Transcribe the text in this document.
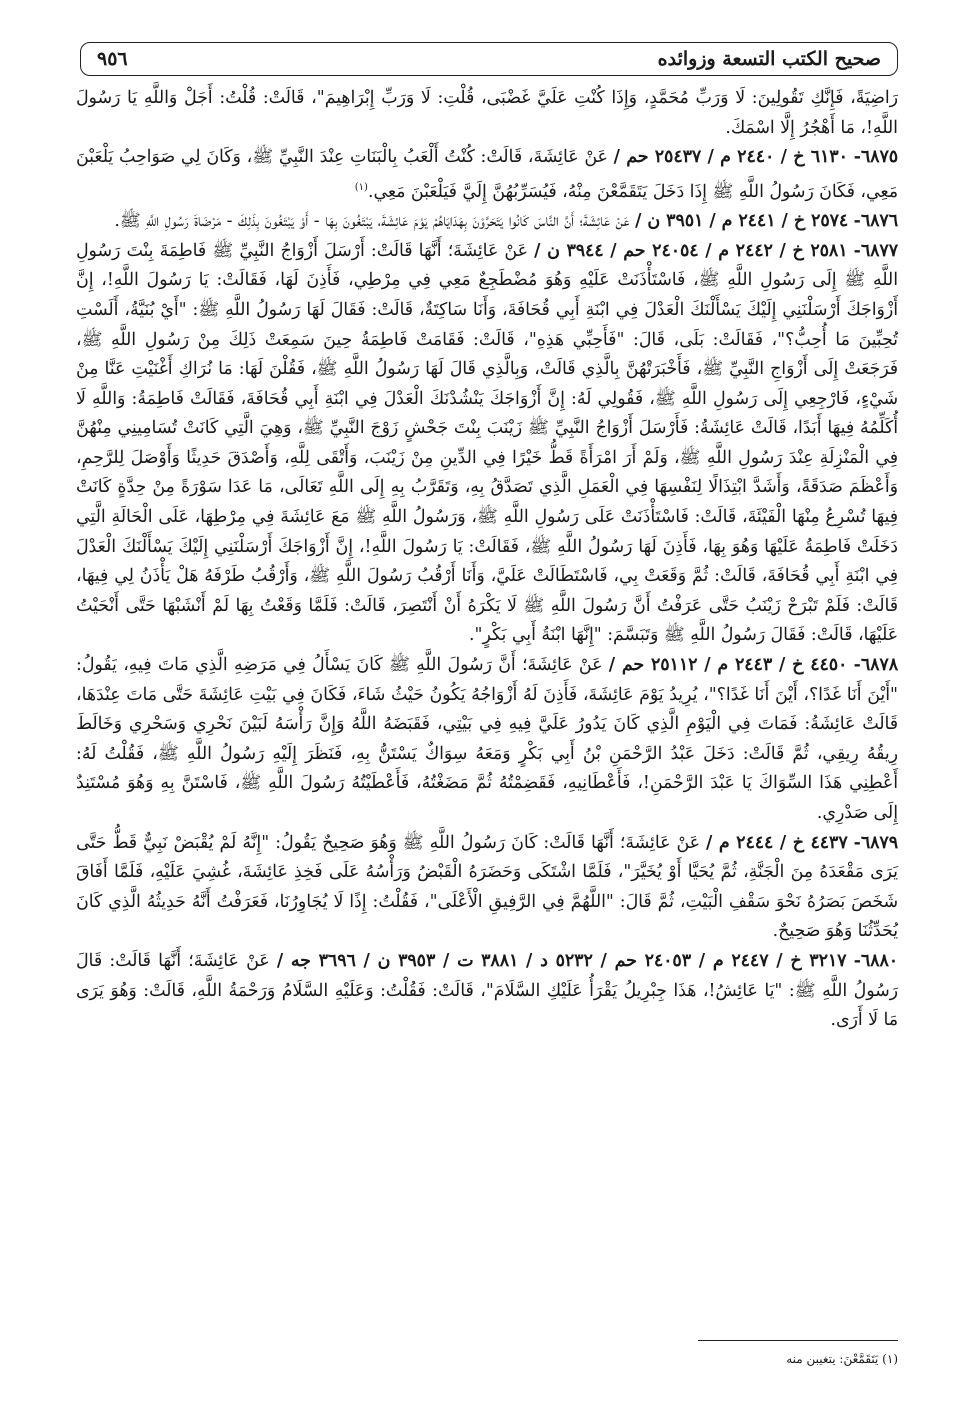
صحيح الكتب التسعة وزوائده
٩٥٦

رَاضِيَةً، فَإِنَّكِ تَقُولِينَ: لَا وَرَبِّ مُحَمَّدٍ، وَإِذَا كُنْتِ عَلَيَّ غَضْبَى، قُلْتِ: لَا وَرَبِّ إِبْرَاهِيمَ"، قَالَتْ: قُلْتُ: أَجَلْ وَاللَّهِ يَا رَسُولَ اللَّهِ!، مَا أَهْجُرُ إِلَّا اسْمَكَ.

٦٨٧٥- ٦١٣٠ خ / ٢٤٤٠ م / ٢٥٤٣٧ حم / عَنْ عَائِشَةَ، قَالَتْ: كُنْتُ أَلْعَبُ بِالْبَنَاتِ عِنْدَ النَّبِيِّ ﷺ، وَكَانَ لِي صَوَاحِبُ يَلْعَبْنَ مَعِي، فَكَانَ رَسُولُ اللَّهِ ﷺ إِذَا دَخَلَ يَتَقَمَّعْنَ مِنْهُ، فَيُسَرِّبُهُنَّ إِلَيَّ فَيَلْعَبْنَ مَعِي.$^{(١)}$

٦٨٧٦- ٢٥٧٤ خ / ٢٤٤١ م / ٣٩٥١ ن / عَنْ عَائِشَةَ؛ أَنَّ النَّاسَ كَانُوا يَتَحَرَّوْنَ بِهَدَايَاهُمْ يَوْمَ عَائِشَةَ، يَبْتَغُونَ بِهَا - أَوْ يَبْتَغُونَ بِذَلِكَ - مَرْضَاةَ رَسُولِ اللَّهِ ﷺ.

٦٨٧٧- ٢٥٨١ خ / ٢٤٤٢ م / ٢٤٠٥٤ حم / ٣٩٤٤ ن / عَنْ عَائِشَةَ؛ أَنَّهَا قَالَتْ: أَرْسَلَ أَزْوَاجُ النَّبِيِّ ﷺ فَاطِمَةَ بِنْتَ رَسُولِ اللَّهِ ﷺ إِلَى رَسُولِ اللَّهِ ﷺ، فَاسْتَأْذَنَتْ عَلَيْهِ وَهُوَ مُضْطَجِعٌ مَعِي فِي مِرْطِي، فَأَذِنَ لَهَا، فَقَالَتْ: يَا رَسُولَ اللَّهِ!، إِنَّ أَزْوَاجَكَ أَرْسَلْنَنِي إِلَيْكَ يَسْأَلْنَكَ الْعَدْلَ فِي ابْنَةِ أَبِي قُحَافَةَ، وَأَنَا سَاكِتَةٌ، قَالَتْ: فَقَالَ لَهَا رَسُولُ اللَّهِ ﷺ: "أَيْ بُنَيَّةُ، أَلَسْتِ تُحِبِّينَ مَا أُحِبُّ؟"، فَقَالَتْ: بَلَى، قَالَ: "فَأَحِبِّي هَذِهِ"، قَالَتْ: فَقَامَتْ فَاطِمَةُ حِينَ سَمِعَتْ ذَلِكَ مِنْ رَسُولِ اللَّهِ ﷺ، فَرَجَعَتْ إِلَى أَزْوَاجِ النَّبِيِّ ﷺ، فَأَخْبَرَتْهُنَّ بِالَّذِي قَالَتْ، وَبِالَّذِي قَالَ لَهَا رَسُولُ اللَّهِ ﷺ، فَقُلْنَ لَهَا: مَا نُرَاكِ أَغْنَيْتِ عَنَّا مِنْ شَيْءٍ، فَارْجِعِي إِلَى رَسُولِ اللَّهِ ﷺ، فَقُولِي لَهُ: إِنَّ أَزْوَاجَكَ يَنْشُدْنَكَ الْعَدْلَ فِي ابْنَةِ أَبِي قُحَافَةَ، فَقَالَتْ فَاطِمَةُ: وَاللَّهِ لَا أُكَلِّمُهُ فِيهَا أَبَدًا، قَالَتْ عَائِشَةُ: فَأَرْسَلَ أَزْوَاجُ النَّبِيِّ ﷺ زَيْنَبَ بِنْتَ جَحْشٍ زَوْجَ النَّبِيِّ ﷺ، وَهِيَ الَّتِي كَانَتْ تُسَامِينِي مِنْهُنَّ فِي الْمَنْزِلَةِ عِنْدَ رَسُولِ اللَّهِ ﷺ، وَلَمْ أَرَ امْرَأَةً قَطُّ خَيْرًا فِي الدِّينِ مِنْ زَيْنَبَ، وَأَتْقَى لِلَّهِ، وَأَصْدَقَ حَدِيثًا وَأَوْصَلَ لِلرَّحِمِ، وَأَعْظَمَ صَدَقَةً، وَأَشَدَّ ابْتِذَالًا لِنَفْسِهَا فِي الْعَمَلِ الَّذِي تَصَدَّقُ بِهِ، وَتَقَرَّبُ بِهِ إِلَى اللَّهِ تَعَالَى، مَا عَدَا سَوْرَةً مِنْ حِدَّةٍ كَانَتْ فِيهَا تُسْرِعُ مِنْهَا الْفَيْئَةَ، قَالَتْ: فَاسْتَأْذَنَتْ عَلَى رَسُولِ اللَّهِ ﷺ، وَرَسُولُ اللَّهِ ﷺ مَعَ عَائِشَةَ فِي مِرْطِهَا، عَلَى الْحَالَةِ الَّتِي دَخَلَتْ فَاطِمَةُ عَلَيْهَا وَهُوَ بِهَا، فَأَذِنَ لَهَا رَسُولُ اللَّهِ ﷺ، فَقَالَتْ: يَا رَسُولَ اللَّهِ!، إِنَّ أَزْوَاجَكَ أَرْسَلْنَنِي إِلَيْكَ يَسْأَلْنَكَ الْعَدْلَ فِي ابْنَةِ أَبِي قُحَافَةَ، قَالَتْ: ثُمَّ وَقَعَتْ بِي، فَاسْتَطَالَتْ عَلَيَّ، وَأَنَا أَرْقُبُ رَسُولَ اللَّهِ ﷺ، وَأَرْقُبُ طَرْفَهُ هَلْ يَأْذَنُ لِي فِيهَا، قَالَتْ: فَلَمْ تَبْرَحْ زَيْنَبُ حَتَّى عَرَفْتُ أَنَّ رَسُولَ اللَّهِ ﷺ لَا يَكْرَهُ أَنْ أَنْتَصِرَ، قَالَتْ: فَلَمَّا وَقَعْتُ بِهَا لَمْ أَنْشَبْهَا حَتَّى أَنْحَيْتُ عَلَيْهَا، قَالَتْ: فَقَالَ رَسُولُ اللَّهِ ﷺ وَتَبَسَّمَ: "إِنَّهَا ابْنَةُ أَبِي بَكْرٍ".

٦٨٧٨- ٤٤٥٠ خ / ٢٤٤٣ م / ٢٥١١٢ حم / عَنْ عَائِشَةَ؛ أَنَّ رَسُولَ اللَّهِ ﷺ كَانَ يَسْأَلُ فِي مَرَضِهِ الَّذِي مَاتَ فِيهِ، يَقُولُ: "أَيْنَ أَنَا غَدًا؟، أَيْنَ أَنَا غَدًا؟"، يُرِيدُ يَوْمَ عَائِشَةَ، فَأَذِنَ لَهُ أَزْوَاجُهُ يَكُونُ حَيْثُ شَاءَ، فَكَانَ فِي بَيْتِ عَائِشَةَ حَتَّى مَاتَ عِنْدَهَا، قَالَتْ عَائِشَةُ: فَمَاتَ فِي الْيَوْمِ الَّذِي كَانَ يَدُورُ عَلَيَّ فِيهِ فِي بَيْتِي، فَقَبَضَهُ اللَّهُ وَإِنَّ رَأْسَهُ لَبَيْنَ نَحْرِي وَسَحْرِي وَخَالَطَ رِيقُهُ رِيقِي، ثُمَّ قَالَتْ: دَخَلَ عَبْدُ الرَّحْمَنِ بْنُ أَبِي بَكْرٍ وَمَعَهُ سِوَاكٌ يَسْتَنُّ بِهِ، فَنَظَرَ إِلَيْهِ رَسُولُ اللَّهِ ﷺ، فَقُلْتُ لَهُ: أَعْطِنِي هَذَا السِّوَاكَ يَا عَبْدَ الرَّحْمَنِ!، فَأَعْطَانِيهِ، فَقَضِمْتُهُ ثُمَّ مَضَغْتُهُ، فَأَعْطَيْتُهُ رَسُولَ اللَّهِ ﷺ، فَاسْتَنَّ بِهِ وَهُوَ مُسْتَنِدٌ إِلَى صَدْرِي.

٦٨٧٩- ٤٤٣٧ خ / ٢٤٤٤ م / عَنْ عَائِشَةَ؛ أَنَّهَا قَالَتْ: كَانَ رَسُولُ اللَّهِ ﷺ وَهُوَ صَحِيحٌ يَقُولُ: "إِنَّهُ لَمْ يُقْبَضْ نَبِيٌّ قَطُّ حَتَّى يَرَى مَقْعَدَهُ مِنَ الْجَنَّةِ، ثُمَّ يُحَيَّا أَوْ يُخَيَّرَ"، فَلَمَّا اشْتَكَى وَحَضَرَهُ الْقَبْضُ وَرَأْسُهُ عَلَى فَخِذِ عَائِشَةَ، غُشِيَ عَلَيْهِ، فَلَمَّا أَفَاقَ شَخَصَ بَصَرُهُ نَحْوَ سَقْفِ الْبَيْتِ، ثُمَّ قَالَ: "اللَّهُمَّ فِي الرَّفِيقِ الْأَعْلَى"، فَقُلْتُ: إِذًا لَا يُجَاوِرُنَا، فَعَرَفْتُ أَنَّهُ حَدِيثُهُ الَّذِي كَانَ يُحَدِّثُنَا وَهُوَ صَحِيحٌ.

٦٨٨٠- ٣٢١٧ خ / ٢٤٤٧ م / ٢٤٠٥٣ حم / ٥٢٣٢ د / ٣٨٨١ ت / ٣٩٥٣ ن / ٣٦٩٦ جه / عَنْ عَائِشَةَ؛ أَنَّهَا قَالَتْ: قَالَ رَسُولُ اللَّهِ ﷺ: "يَا عَائِشُ!، هَذَا جِبْرِيلُ يَقْرَأُ عَلَيْكِ السَّلَامَ"، قَالَتْ: فَقُلْتُ: وَعَلَيْهِ السَّلَامُ وَرَحْمَةُ اللَّهِ، قَالَتْ: وَهُوَ يَرَى مَا لَا أَرَى.

(١) يَتَقَمَّعْنَ: يتغيبن منه
